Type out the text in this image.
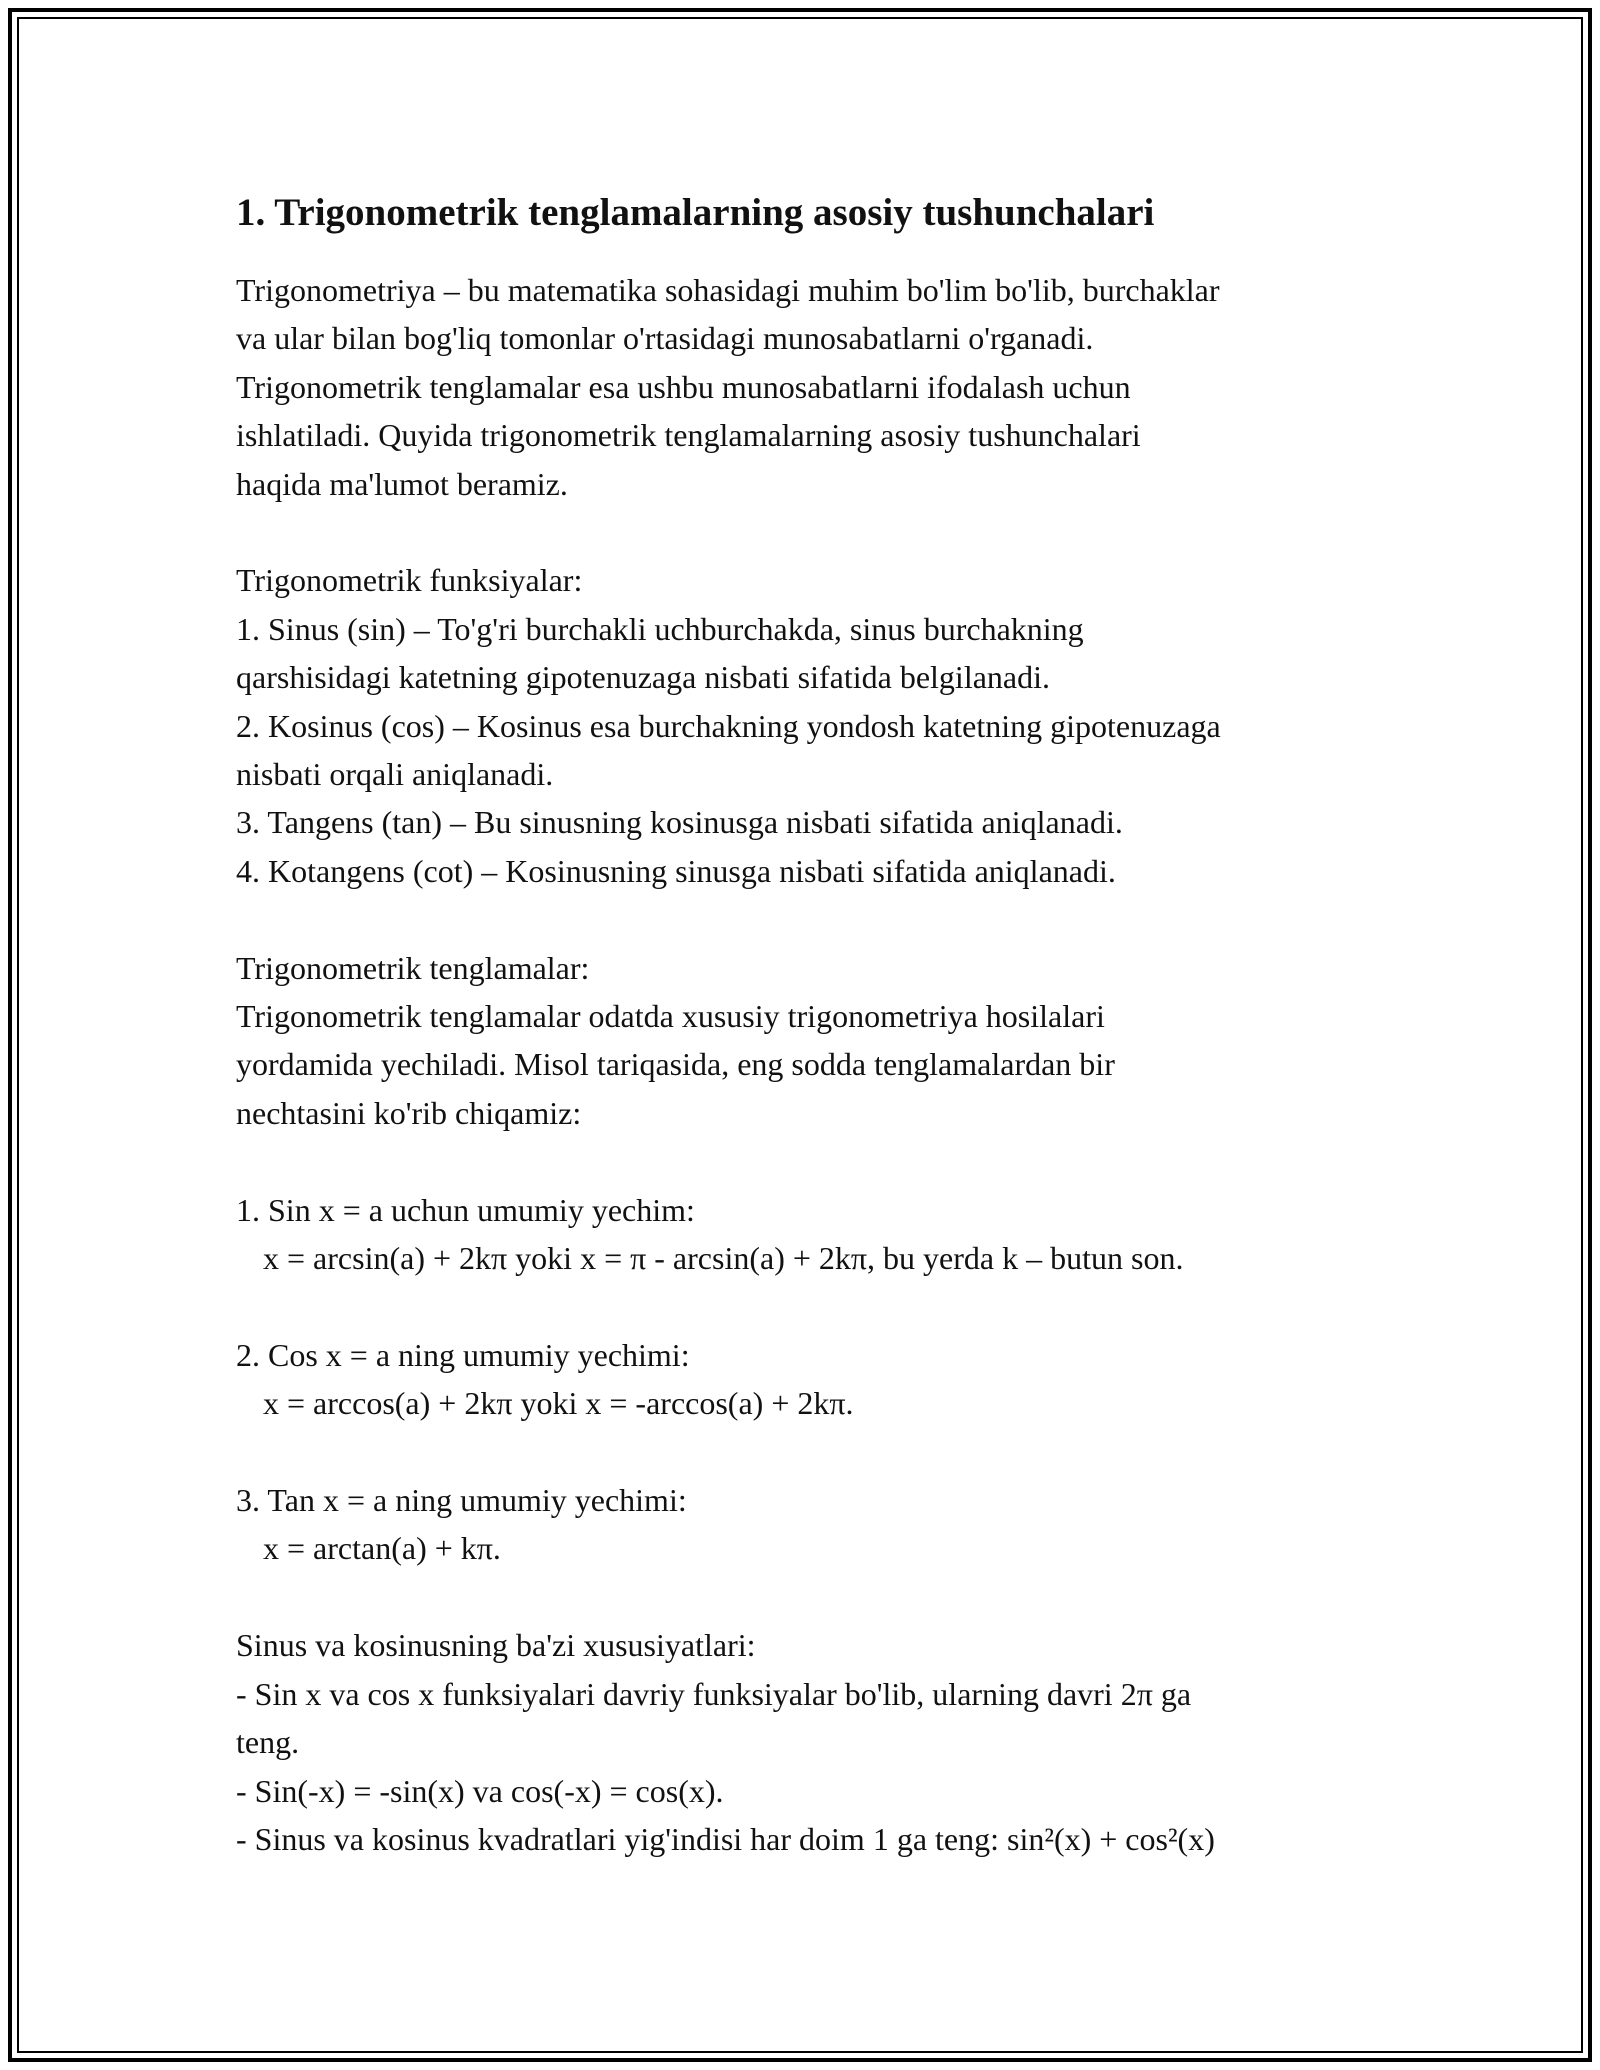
1. Trigonometrik tenglamalarning asosiy tushunchalari
Trigonometriya – bu matematika sohasidagi muhim bo'lim bo'lib, burchaklar
va ular bilan bog'liq tomonlar o'rtasidagi munosabatlarni o'rganadi.
Trigonometrik tenglamalar esa ushbu munosabatlarni ifodalash uchun
ishlatiladi. Quyida trigonometrik tenglamalarning asosiy tushunchalari
haqida ma'lumot beramiz.
Trigonometrik funksiyalar:
1. Sinus (sin) – To'g'ri burchakli uchburchakda, sinus burchakning
qarshisidagi katetning gipotenuzaga nisbati sifatida belgilanadi.
2. Kosinus (cos) – Kosinus esa burchakning yondosh katetning gipotenuzaga
nisbati orqali aniqlanadi.
3. Tangens (tan) – Bu sinusning kosinusga nisbati sifatida aniqlanadi.
4. Kotangens (cot) – Kosinusning sinusga nisbati sifatida aniqlanadi.
Trigonometrik tenglamalar:
Trigonometrik tenglamalar odatda xususiy trigonometriya hosilalari
yordamida yechiladi. Misol tariqasida, eng sodda tenglamalardan bir
nechtasini ko'rib chiqamiz:
1. Sin x = a uchun umumiy yechim:
x = arcsin(a) + 2kπ yoki x = π - arcsin(a) + 2kπ, bu yerda k – butun son.
2. Cos x = a ning umumiy yechimi:
x = arccos(a) + 2kπ yoki x = -arccos(a) + 2kπ.
3. Tan x = a ning umumiy yechimi:
x = arctan(a) + kπ.
Sinus va kosinusning ba'zi xususiyatlari:
- Sin x va cos x funksiyalari davriy funksiyalar bo'lib, ularning davri 2π ga
teng.
- Sin(-x) = -sin(x) va cos(-x) = cos(x).
- Sinus va kosinus kvadratlari yig'indisi har doim 1 ga teng: sin²(x) + cos²(x)
